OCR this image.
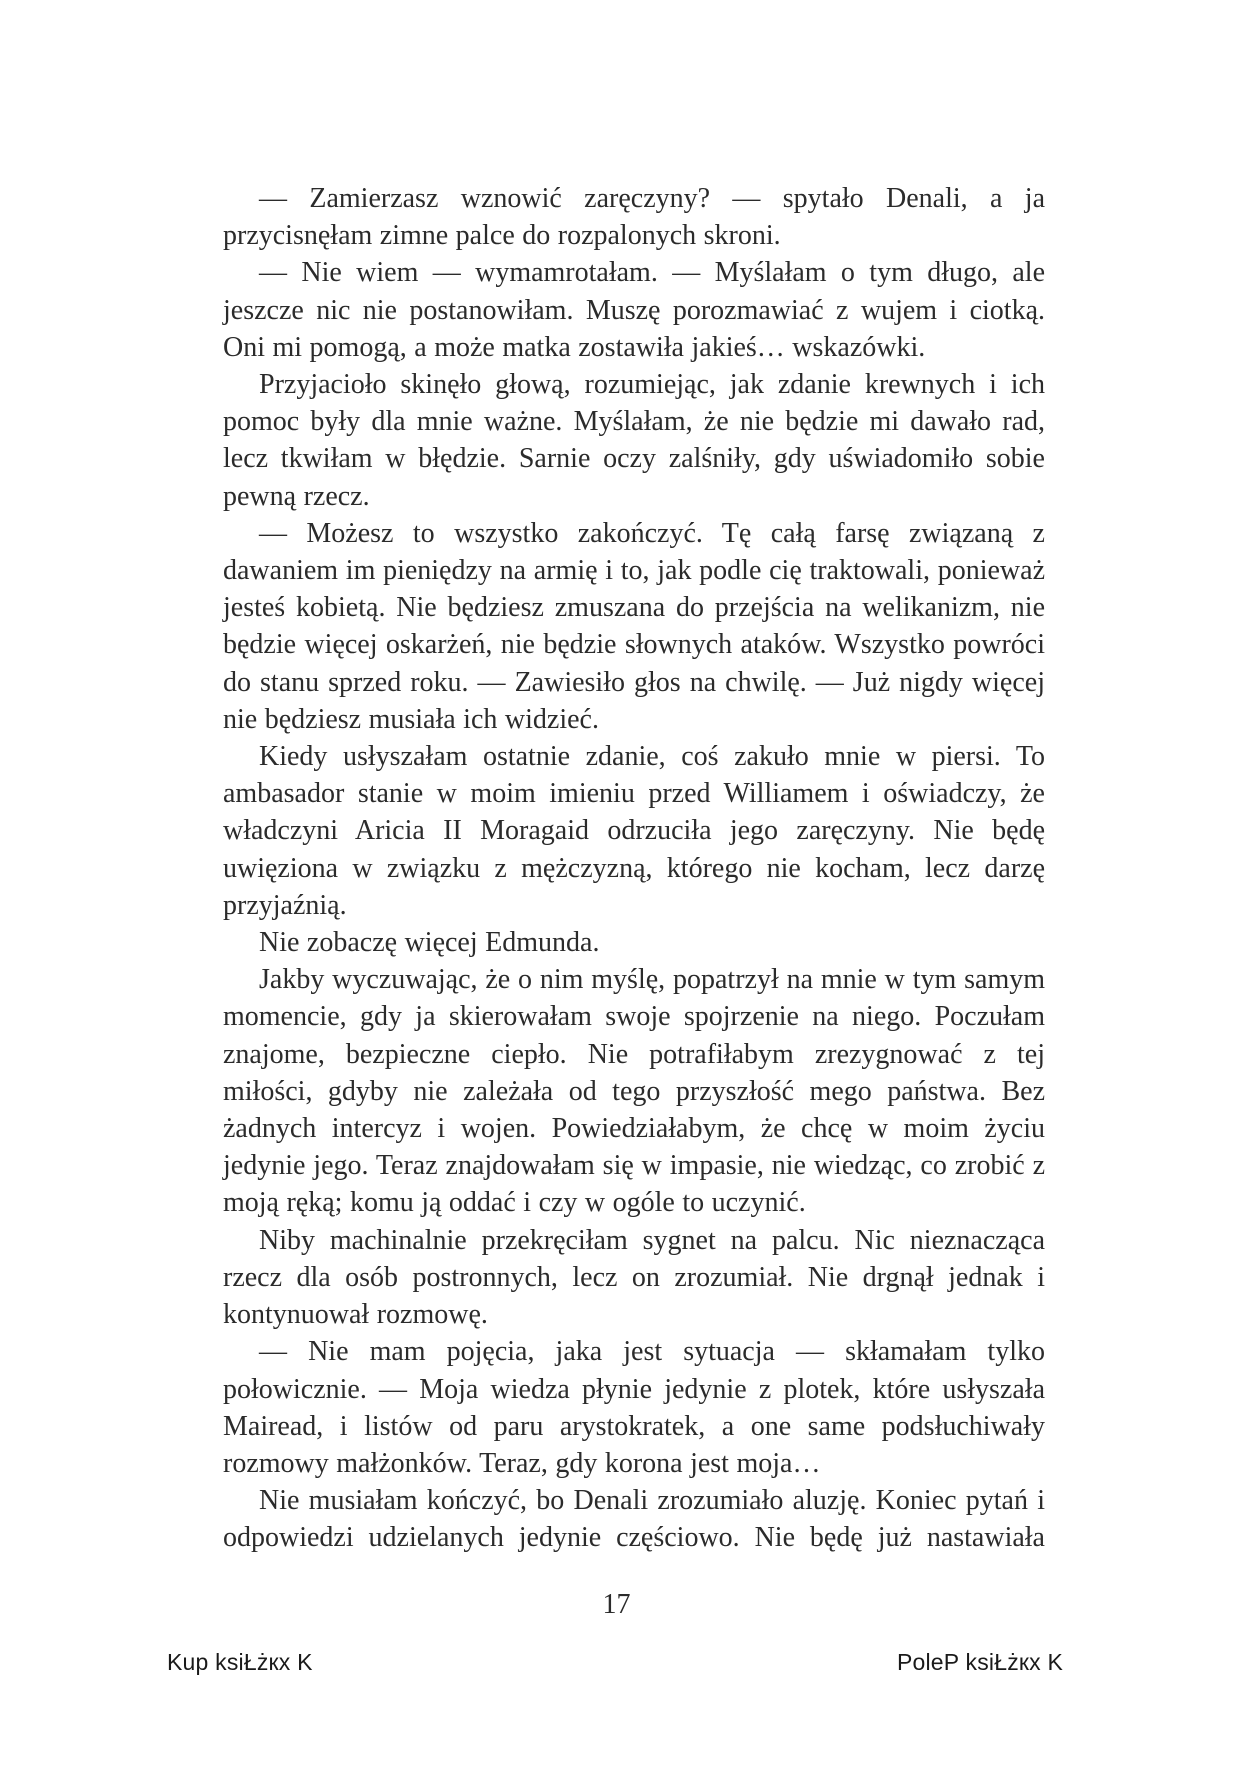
— Zamierzasz wznowić zaręczyny? — spytało Denali, a ja przycisnęłam zimne palce do rozpalonych skroni.

— Nie wiem — wymamrotałam. — Myślałam o tym długo, ale jeszcze nic nie postanowiłam. Muszę porozmawiać z wujem i ciotką. Oni mi pomogą, a może matka zostawiła jakieś… wskazówki.

Przyjacioło skinęło głową, rozumiejąc, jak zdanie krewnych i ich pomoc były dla mnie ważne. Myślałam, że nie będzie mi dawało rad, lecz tkwiłam w błędzie. Sarnie oczy zalśniły, gdy uświadomiło sobie pewną rzecz.

— Możesz to wszystko zakończyć. Tę całą farsę związaną z dawaniem im pieniędzy na armię i to, jak podle cię traktowali, ponieważ jesteś kobietą. Nie będziesz zmuszana do przejścia na welikanizm, nie będzie więcej oskarżeń, nie będzie słownych ataków. Wszystko powróci do stanu sprzed roku. — Zawiesiło głos na chwilę. — Już nigdy więcej nie będziesz musiała ich widzieć.

Kiedy usłyszałam ostatnie zdanie, coś zakuło mnie w piersi. To ambasador stanie w moim imieniu przed Williamem i oświadczy, że władczyni Aricia II Moragaid odrzuciła jego zaręczyny. Nie będę uwięziona w związku z mężczyzną, którego nie kocham, lecz darzę przyjaźnią.

Nie zobaczę więcej Edmunda.

Jakby wyczuwając, że o nim myślę, popatrzył na mnie w tym samym momencie, gdy ja skierowałam swoje spojrzenie na niego. Poczułam znajome, bezpieczne ciepło. Nie potrafiłabym zrezygnować z tej miłości, gdyby nie zależała od tego przyszłość mego państwa. Bez żadnych intercyz i wojen. Powiedziałabym, że chcę w moim życiu jedynie jego. Teraz znajdowałam się w impasie, nie wiedząc, co zrobić z moją ręką; komu ją oddać i czy w ogóle to uczynić.

Niby machinalnie przekręciłam sygnet na palcu. Nic nieznacząca rzecz dla osób postronnych, lecz on zrozumiał. Nie drgnął jednak i kontynuował rozmowę.

— Nie mam pojęcia, jaka jest sytuacja — skłamałam tylko połowicznie. — Moja wiedza płynie jedynie z plotek, które usłyszała Mairead, i listów od paru arystokratek, a one same podsłuchiwały rozmowy małżonków. Teraz, gdy korona jest moja…

Nie musiałam kończyć, bo Denali zrozumiało aluzję. Koniec pytań i odpowiedzi udzielanych jedynie częściowo. Nie będę już nastawiała

17
Kup ksiŁżкх K	PoleP ksiŁżкх K
